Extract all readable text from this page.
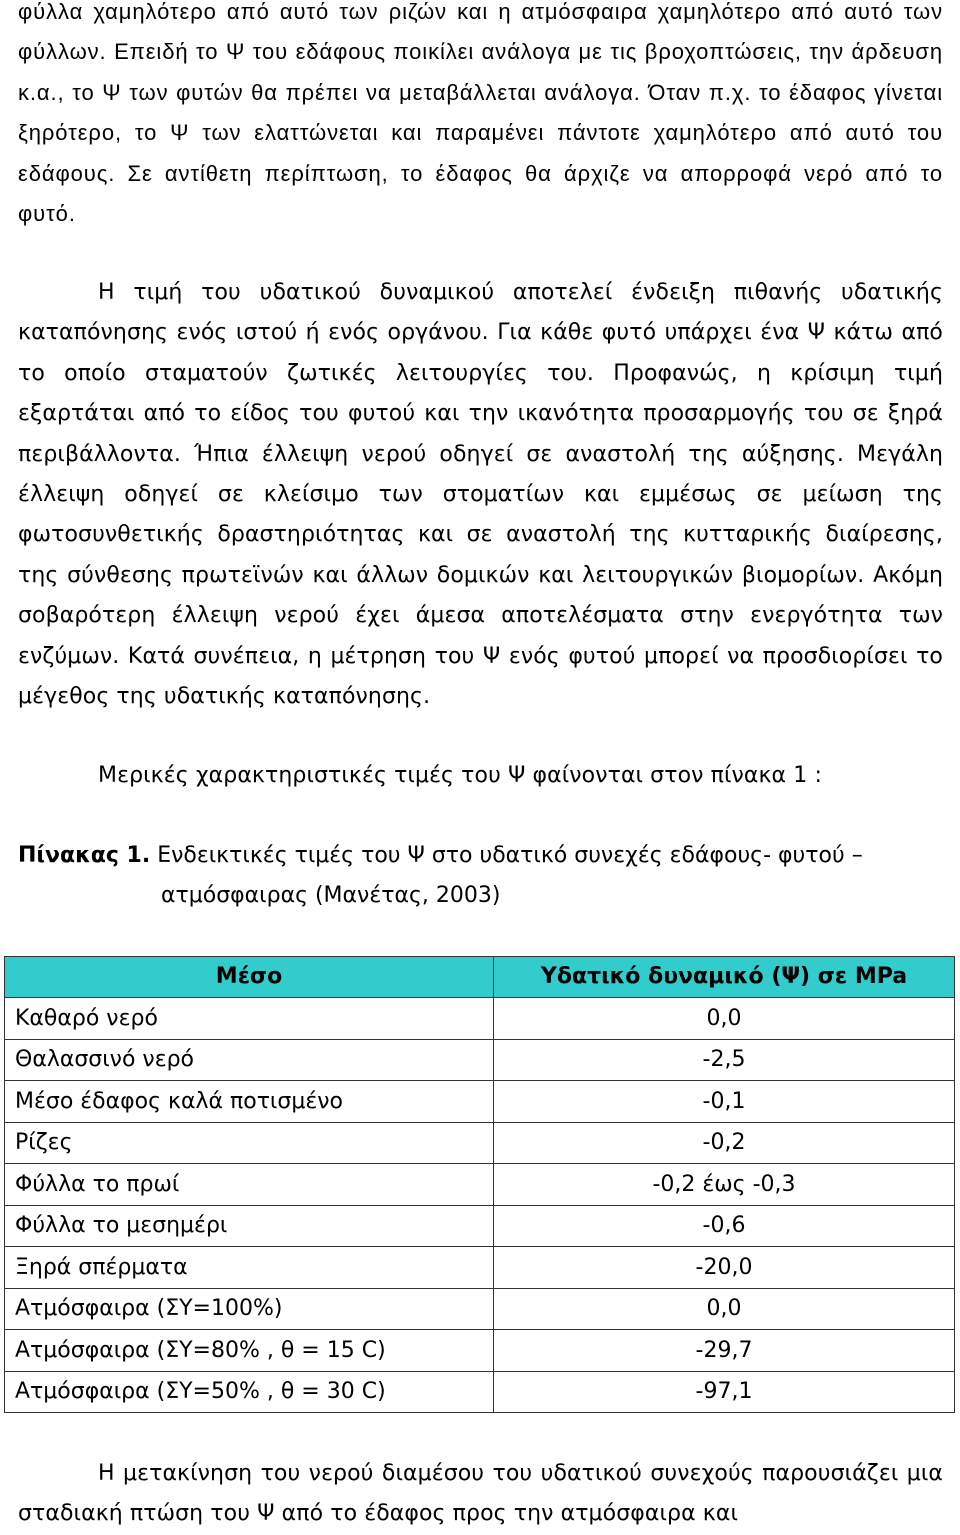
φύλλα χαμηλότερο από αυτό των ριζών και η ατμόσφαιρα χαμηλότερο από αυτό των φύλλων. Επειδή το Ψ του εδάφους ποικίλει ανάλογα με τις βροχοπτώσεις, την άρδευση κ.α., το Ψ των φυτών θα πρέπει να μεταβάλλεται ανάλογα. Όταν π.χ. το έδαφος γίνεται ξηρότερο, το Ψ των ελαττώνεται και παραμένει πάντοτε χαμηλότερο από αυτό του εδάφους. Σε αντίθετη περίπτωση, το έδαφος θα άρχιζε να απορροφά νερό από το φυτό.

Η τιμή του υδατικού δυναμικού αποτελεί ένδειξη πιθανής υδατικής καταπόνησης ενός ιστού ή ενός οργάνου. Για κάθε φυτό υπάρχει ένα Ψ κάτω από το οποίο σταματούν ζωτικές λειτουργίες του. Προφανώς, η κρίσιμη τιμή εξαρτάται από το είδος του φυτού και την ικανότητα προσαρμογής του σε ξηρά περιβάλλοντα. Ήπια έλλειψη νερού οδηγεί σε αναστολή της αύξησης. Μεγάλη έλλειψη οδηγεί σε κλείσιμο των στοματίων και εμμέσως σε μείωση της φωτοσυνθετικής δραστηριότητας και σε αναστολή της κυτταρικής διαίρεσης, της σύνθεσης πρωτεϊνών και άλλων δομικών και λειτουργικών βιομορίων. Ακόμη σοβαρότερη έλλειψη νερού έχει άμεσα αποτελέσματα στην ενεργότητα των ενζύμων. Κατά συνέπεια, η μέτρηση του Ψ ενός φυτού μπορεί να προσδιορίσει το μέγεθος της υδατικής καταπόνησης.

Μερικές χαρακτηριστικές τιμές του Ψ φαίνονται στον πίνακα 1 :

Πίνακας 1. Ενδεικτικές τιμές του Ψ στο υδατικό συνεχές εδάφους- φυτού –
ατμόσφαιρας (Μανέτας, 2003)

Η μετακίνηση του νερού διαμέσου του υδατικού συνεχούς παρουσιάζει μια σταδιακή πτώση του Ψ από το έδαφος προς την ατμόσφαιρα και

Μέσο	Υδατικό δυναμικό (Ψ) σε MPa
Καθαρό νερό	0,0
Θαλασσινό νερό	-2,5
Μέσο έδαφος καλά ποτισμένο	-0,1
Ρίζες	-0,2
Φύλλα το πρωί	-0,2 έως -0,3
Φύλλα το μεσημέρι	-0,6
Ξηρά σπέρματα	-20,0
Ατμόσφαιρα (ΣΥ=100%)	0,0
Ατμόσφαιρα (ΣΥ=80% , θ = 15 C)	-29,7
Ατμόσφαιρα (ΣΥ=50% , θ = 30 C)	-97,1
